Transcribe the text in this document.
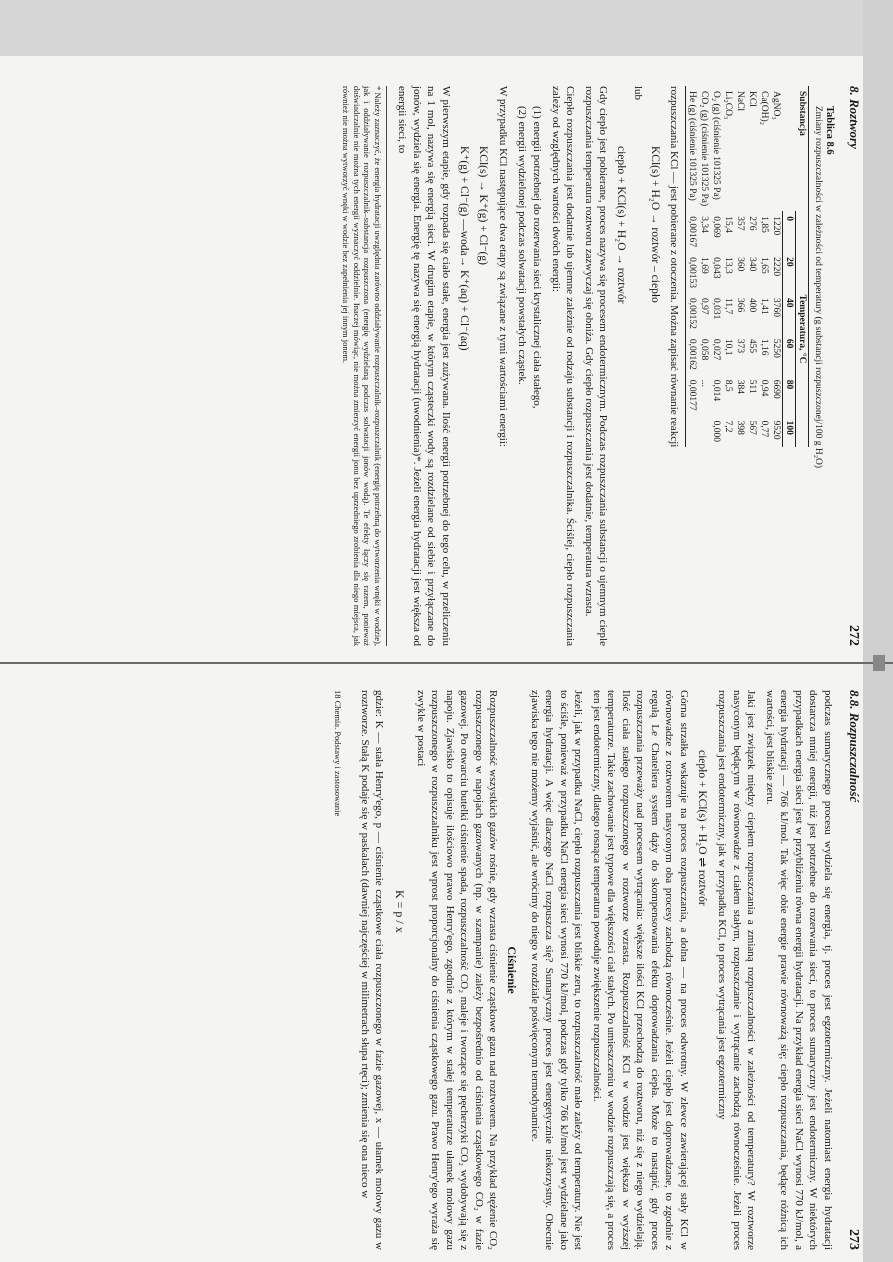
8. Roztwory
272
Tablica 8.6
Zmiany rozpuszczalności w zależności od temperatury (g substancji rozpuszczonej/100 g H₂O)
Substancja	Temperatura, °C					
	0	20	40	60	80	100
AgNO₃	1220	2220	3760	5250	6690	9520
Ca(OH)₂	1,85	1,65	1,41	1,16	0,94	0,77
KCl	276	340	400	455	511	567
NaCl	357	360	366	373	384	398
Li₂CO₃	15,4	13,3	11,7	10,1	8,5	7,2
O₂ (g) (ciśnienie 101325 Pa)	0,069	0,043	0,031	0,027	0,014	0,000
CO₂ (g) (ciśnienie 101325 Pa)	3,34	1,69	0,97	0,058	...	
He (g) (ciśnienie 101325 Pa)	0,00167	0,00153	0,00152	0,00162	0,00177	

rozpuszczania KCl — jest pobierane z otoczenia. Można zapisać równanie reakcji

KCl(s) + H₂O → roztwór – ciepło
lub
ciepło + KCl(s) + H₂O → roztwór

Gdy ciepło jest pobierane, proces nazywa się procesem endotermicznym. Podczas rozpuszczania substancji o ujemnym cieple rozpuszczania temperatura roztworu zazwyczaj się obniża. Gdy ciepło rozpuszczania jest dodatnie, temperatura wzrasta.

Ciepło rozpuszczania jest dodatnie lub ujemne zależnie od rodzaju substancji i rozpuszczalnika. Ściślej, ciepło rozpuszczania zależy od względnych wartości dwóch energii:

(1) energii potrzebnej do rozerwania sieci krystalicznej ciała stałego,
(2) energii wydzielonej podczas solwatacji powstałych cząstek.

W przypadku KCl następujące dwa etapy są związane z tymi wartościami energii:

KCl(s) → K⁺(g) + Cl⁻(g)
K⁺(g) + Cl⁻(g) —woda→ K⁺(aq) + Cl⁻(aq)

W pierwszym etapie, gdy rozpada się ciało stałe, energia jest zużywana. Ilość energii potrzebnej do tego celu, w przeliczeniu na 1 mol, nazywa się energią sieci. W drugim etapie, w którym cząsteczki wody są rozdzielane od siebie i przyłączane do jonów, wydziela się energia. Energię tę nazywa się energią hydratacji (uwodnienia)*. Jeżeli energia hydratacji jest większa od energii sieci, to

* Należy zaznaczyć, że energia hydratacji uwzględnia zarówno oddziaływanie rozpuszczalnik–rozpuszczalnik (energię potrzebną do wytworzenia wnęki w wodzie), jak i oddziaływanie rozpuszczalnik–substancja rozpuszczona (energię wydzielaną podczas solwatacji jonów wodą). Te efekty łączy się razem, ponieważ doświadczalnie nie można tych energii wyznaczyć oddzielnie. Inaczej mówiąc, nie można zmierzyć energii jonu bez uprzedniego zrobienia dla niego miejsca, jak również nie można wytworzyć wnęki w wodzie bez zapełnienia jej innym jonem.
8.8. Rozpuszczalność
273

podczas sumarycznego procesu wydziela się energia, tj. proces jest egzotermiczny. Jeżeli natomiast energia hydratacji dostarcza mniej energii, niż jest potrzebne do rozerwania sieci, to proces sumaryczny jest endotermiczny. W niektórych przypadkach energia sieci jest w przybliżeniu równa energii hydratacji. Na przykład energia sieci NaCl wynosi 770 kJ/mol, a energia hydratacji — 766 kJ/mol. Tak więc obie energie prawie równoważą się; ciepło rozpuszczania, będące różnicą ich wartości, jest bliskie zeru.

Jaki jest związek między ciepłem rozpuszczania a zmianą rozpuszczalności w zależności od temperatury? W roztworze nasyconym będącym w równowadze z ciałem stałym, rozpuszczanie i wytrącanie zachodzą równocześnie. Jeżeli proces rozpuszczania jest endotermiczny, jak w przypadku KCl, to proces wytrącania jest egzotermiczny

ciepło + KCl(s) + H₂O ⇌ roztwór

Górna strzałka wskazuje na proces rozpuszczania, a dolna — na proces odwrotny. W zlewce zawierającej stały KCl w równowadze z roztworem nasyconym oba procesy zachodzą równocześnie. Jeżeli ciepło jest doprowadzane, to zgodnie z regułą Le Chateliera system dąży do skompensowania efektu doprowadzania ciepła. Może to nastąpić, gdy proces rozpuszczania przeważy nad procesem wytrącania: większe ilości KCl przechodzą do roztworu, niż się z niego wydzielają. Ilość ciała stałego rozpuszczonego w roztworze wzrasta. Rozpuszczalność KCl w wodzie jest większa w wyższej temperaturze. Takie zachowanie jest typowe dla większości ciał stałych. Po umieszczeniu w wodzie rozpuszczają się, a proces ten jest endotermiczny, dlatego rosnąca temperatura powoduje zwiększenie rozpuszczalności.

Jeżeli, jak w przypadku NaCl, ciepło rozpuszczania jest bliskie zeru, to rozpuszczalność mało zależy od temperatury. Nie jest to ściśle, ponieważ w przypadku NaCl energia sieci wynosi 770 kJ/mol, podczas gdy tylko 766 kJ/mol jest wydzielane jako energia hydratacji. A więc dlaczego NaCl rozpuszcza się? Sumaryczny proces jest energetycznie niekorzystny. Obecnie zjawiska tego nie możemy wyjaśnić, ale wrócimy do niego w rozdziale poświęconym termodynamice.

Ciśnienie

Rozpuszczalność wszystkich gazów rośnie, gdy wzrasta ciśnienie cząstkowe gazu nad roztworem. Na przykład stężenie CO₂ rozpuszczonego w napojach gazowanych (np. w szampanie) zależy bezpośrednio od ciśnienia cząstkowego CO₂ w fazie gazowej. Po otwarciu butelki ciśnienie spada, rozpuszczalność CO₂ maleje i tworzące się pęcherzyki CO₂ wydobywają się z napoju. Zjawisko to opisuje ilościowo prawo Henry'ego, zgodnie z którym w stałej temperaturze ułamek molowy gazu rozpuszczonego w rozpuszczalniku jest wprost proporcjonalny do ciśnienia cząstkowego gazu. Prawo Henry'ego wyraża się zwykle w postaci

K = p / x

gdzie: K — stała Henry'ego, p — ciśnienie cząstkowe ciała rozpuszczonego w fazie gazowej, x — ułamek molowy gazu w roztworze. Stałą K podaje się w paskalach (dawniej najczęściej w milimetrach słupa rtęci); zmienia się ona nieco w

18 Chemia. Podstawy i zastosowanie
